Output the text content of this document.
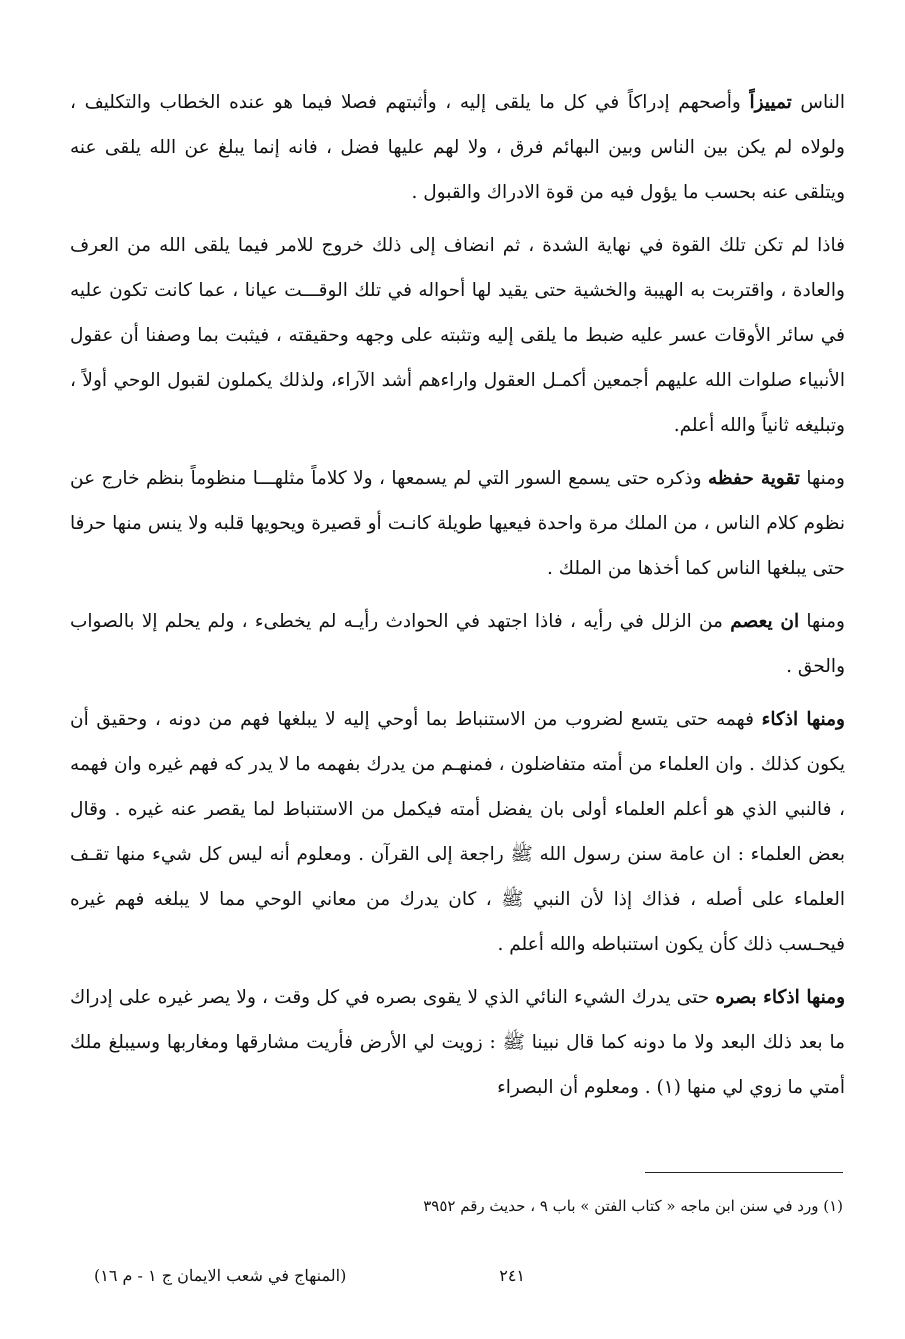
الناس تمييزاً وأصحهم إدراكاً في كل ما يلقى إليه ، وأثبتهم فصلا فيما هو عنده الخطاب والتكليف ، ولولاه لم يكن بين الناس وبين البهائم فرق ، ولا لهم عليها فضل ، فانه إنما يبلغ عن الله يلقى عنه ويتلقى عنه بحسب ما يؤول فيه من قوة الادراك والقبول .

فاذا لم تكن تلك القوة في نهاية الشدة ، ثم انضاف إلى ذلك خروج للامر فيما يلقى الله من العرف والعادة ، واقتربت به الهيبة والخشية حتى يقيد لها أحواله في تلك الوقـــت عيانا ، عما كانت تكون عليه في سائر الأوقات عسر عليه ضبط ما يلقى إليه وتثبته على وجهه وحقيقته ، فيثبت بما وصفنا أن عقول الأنبياء صلوات الله عليهم أجمعين أكمـل العقول واراءهم أشد الآراء، ولذلك يكملون لقبول الوحي أولاً ، وتبليغه ثانياً والله أعلم.

ومنها تقوية حفظه وذكره حتى يسمع السور التي لم يسمعها ، ولا كلاماً مثلهـــا منظوماً بنظم خارج عن نظوم كلام الناس ، من الملك مرة واحدة فيعيها طويلة كانـت أو قصيرة ويحويها قلبه ولا ينس منها حرفا حتى يبلغها الناس كما أخذها من الملك .

ومنها ان يعصم من الزلل في رأيه ، فاذا اجتهد في الحوادث رأيـه لم يخطىء ، ولم يحلم إلا بالصواب والحق .

ومنها اذكاء فهمه حتى يتسع لضروب من الاستنباط بما أوحي إليه لا يبلغها فهم من دونه ، وحقيق أن يكون كذلك . وان العلماء من أمته متفاضلون ، فمنهـم من يدرك بفهمه ما لا يدر كه فهم غيره وان فهمه ، فالنبي الذي هو أعلم العلماء أولى بان يفضل أمته فيكمل من الاستنباط لما يقصر عنه غيره . وقال بعض العلماء : ان عامة سنن رسول الله ﷺ راجعة إلى القرآن . ومعلوم أنه ليس كل شيء منها تقـف العلماء على أصله ، فذاك إذا لأن النبي ﷺ ، كان يدرك من معاني الوحي مما لا يبلغه فهم غيره فيحـسب ذلك كأن يكون استنباطه والله أعلم .

ومنها اذكاء بصره حتى يدرك الشيء النائي الذي لا يقوى بصره في كل وقت ، ولا يصر غيره على إدراك ما بعد ذلك البعد ولا ما دونه كما قال نبينا ﷺ : زويت لي الأرض فأريت مشارقها ومغاربها وسيبلغ ملك أمتي ما زوي لي منها (١) . ومعلوم أن البصراء

(١) ورد في سنن ابن ماجه « كتاب الفتن » باب ٩ ، حديث رقم ٣٩٥٢
٢٤١
(المنهاج في شعب الايمان ج ١ - م ١٦)
